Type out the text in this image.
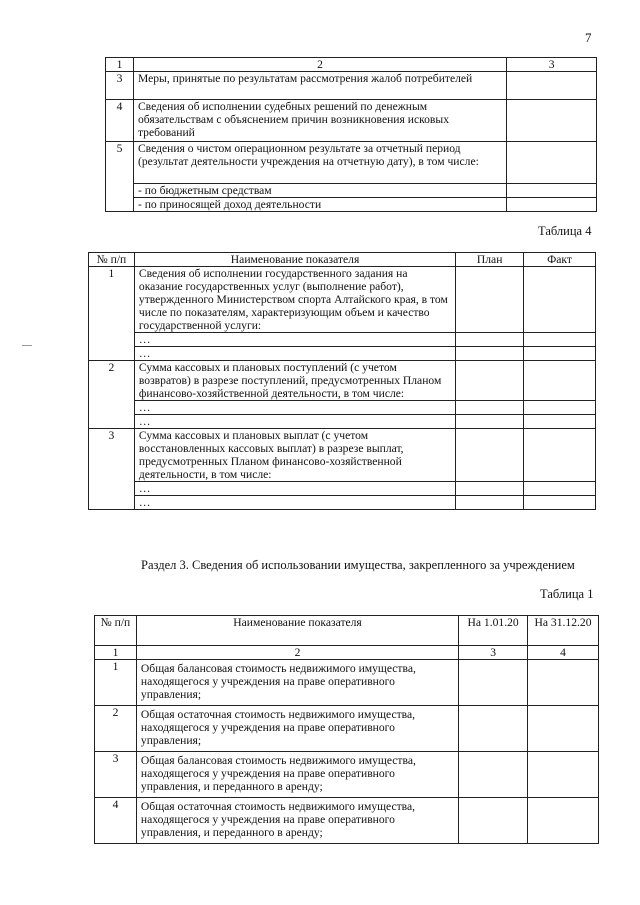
7
1	2	3
3	Меры, принятые по результатам рассмотрения жалоб потребителей	
4	Сведения об исполнении судебных решений по денежным обязательствам с объяснением причин возникновения исковых требований	
5	Сведения о чистом операционном результате за отчетный период (результат деятельности учреждения на отчетную дату), в том числе:	
	- по бюджетным средствам	
	- по приносящей доход деятельности	
Таблица 4
№ п/п	Наименование показателя	План	Факт
1	Сведения об исполнении государственного задания на оказание государственных услуг (выполнение работ), утвержденного Министерством спорта Алтайского края, в том числе по показателям, характеризующим объем и качество государственной услуги:		
	…		
	…		
2	Сумма кассовых и плановых поступлений (с учетом возвратов) в разрезе поступлений, предусмотренных Планом финансово-хозяйственной деятельности, в том числе:		
	…		
	…		
3	Сумма кассовых и плановых выплат (с учетом восстановленных кассовых выплат) в разрезе выплат, предусмотренных Планом финансово-хозяйственной деятельности, в том числе:		
	…		
	…		
Раздел 3. Сведения об использовании имущества, закрепленного за учреждением
Таблица 1
№ п/п	Наименование показателя	На 1.01.20	На 31.12.20
1	2	3	4
1	Общая балансовая стоимость недвижимого имущества, находящегося у учреждения на праве оперативного управления;		
2	Общая остаточная стоимость недвижимого имущества, находящегося у учреждения на праве оперативного управления;		
3	Общая балансовая стоимость недвижимого имущества, находящегося у учреждения на праве оперативного управления, и переданного в аренду;		
4	Общая остаточная стоимость недвижимого имущества, находящегося у учреждения на праве оперативного управления, и переданного в аренду;		
